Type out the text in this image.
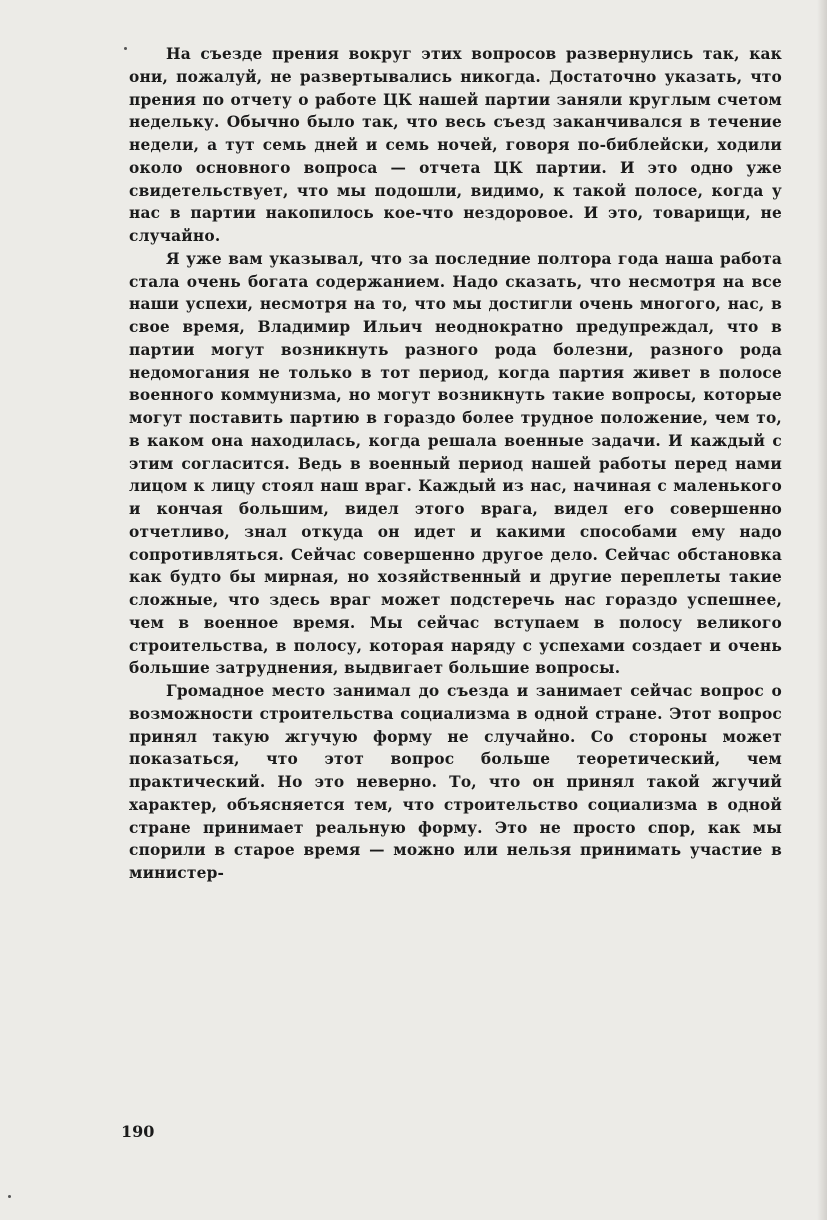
На съезде прения вокруг этих вопросов развернулись так, как они, пожалуй, не развертывались никогда. Достаточно указать, что прения по отчету о работе ЦК нашей партии заняли круглым счетом недельку. Обычно было так, что весь съезд заканчивался в течение недели, а тут семь дней и семь ночей, говоря по-библейски, ходили около основного вопроса — отчета ЦК партии. И это одно уже свидетельствует, что мы подошли, видимо, к такой полосе, когда у нас в партии накопилось кое-что нездоровое. И это, товарищи, не случайно.

Я уже вам указывал, что за последние полтора года наша работа стала очень богата содержанием. Надо сказать, что несмотря на все наши успехи, несмотря на то, что мы достигли очень многого, нас, в свое время, Владимир Ильич неоднократно предупреждал, что в партии могут возникнуть разного рода болезни, разного рода недомогания не только в тот период, когда партия живет в полосе военного коммунизма, но могут возникнуть такие вопросы, которые могут поставить партию в гораздо более трудное положение, чем то, в каком она находилась, когда решала военные задачи. И каждый с этим согласится. Ведь в военный период нашей работы перед нами лицом к лицу стоял наш враг. Каждый из нас, начиная с маленького и кончая большим, видел этого врага, видел его совершенно отчетливо, знал откуда он идет и какими способами ему надо сопротивляться. Сейчас совершенно другое дело. Сейчас обстановка как будто бы мирная, но хозяйственный и другие переплеты такие сложные, что здесь враг может подстеречь нас гораздо успешнее, чем в военное время. Мы сейчас вступаем в полосу великого строительства, в полосу, которая наряду с успехами создает и очень большие затруднения, выдвигает большие вопросы.

Громадное место занимал до съезда и занимает сейчас вопрос о возможности строительства социализма в одной стране. Этот вопрос принял такую жгучую форму не случайно. Со стороны может показаться, что этот вопрос больше теоретический, чем практический. Но это неверно. То, что он принял такой жгучий характер, объясняется тем, что строительство социализма в одной стране принимает реальную форму. Это не просто спор, как мы спорили в старое время — можно или нельзя принимать участие в министер-

190
